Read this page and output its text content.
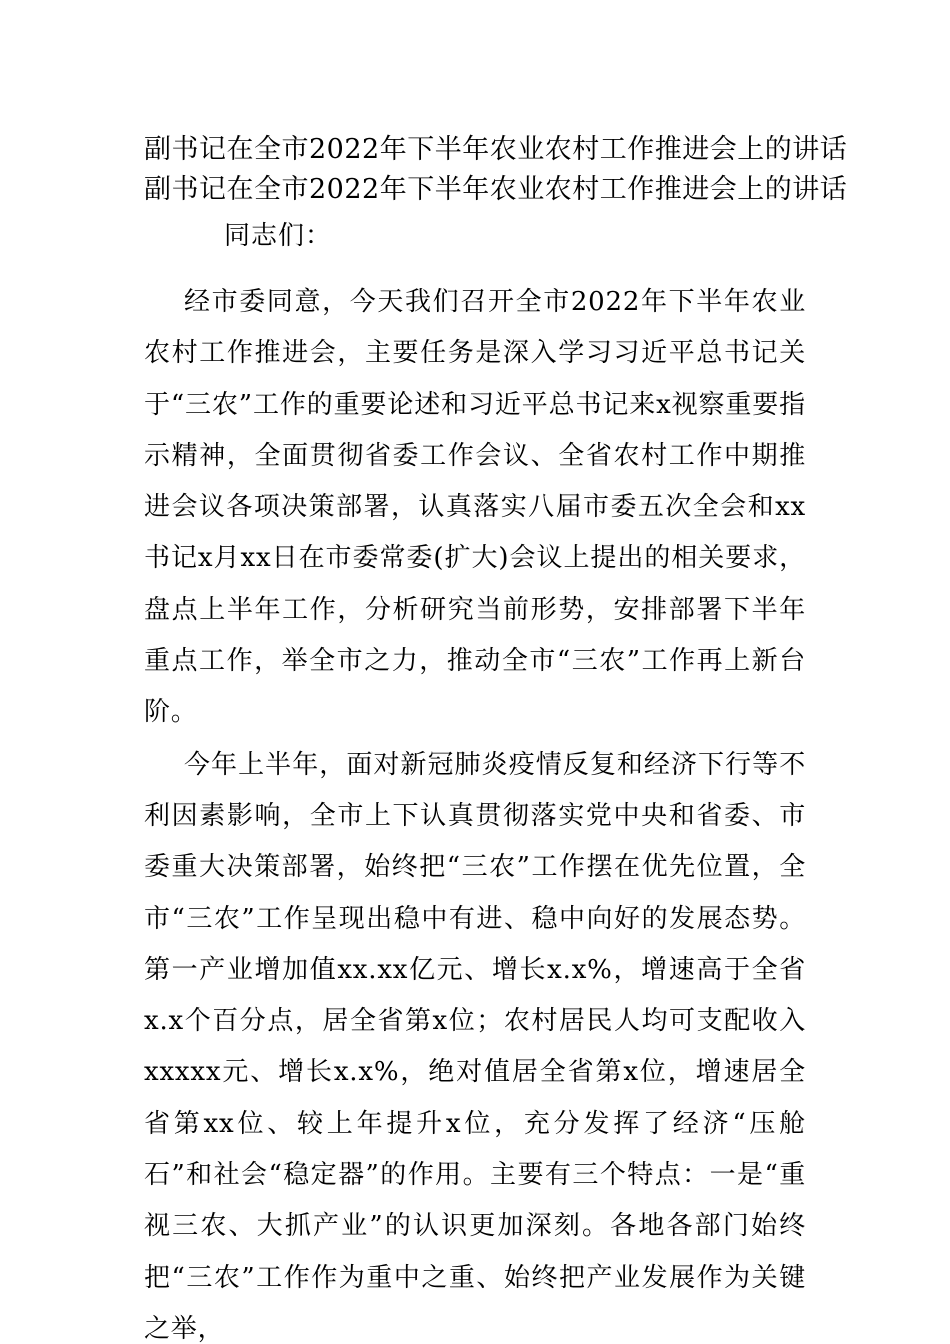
副书记在全市2022年下半年农业农村工作推进会上的讲话
副书记在全市2022年下半年农业农村工作推进会上的讲话
同志们：

经市委同意，今天我们召开全市2022年下半年农业农村工作推进会，主要任务是深入学习习近平总书记关于“三农”工作的重要论述和习近平总书记来x视察重要指示精神，全面贯彻省委工作会议、全省农村工作中期推进会议各项决策部署，认真落实八届市委五次全会和xx书记x月xx日在市委常委(扩大)会议上提出的相关要求，盘点上半年工作，分析研究当前形势，安排部署下半年重点工作，举全市之力，推动全市“三农”工作再上新台阶。

今年上半年，面对新冠肺炎疫情反复和经济下行等不利因素影响，全市上下认真贯彻落实党中央和省委、市委重大决策部署，始终把“三农”工作摆在优先位置，全市“三农”工作呈现出稳中有进、稳中向好的发展态势。第一产业增加值xx.xx亿元、增长x.x%，增速高于全省x.x个百分点，居全省第x位；农村居民人均可支配收入xxxxx元、增长x.x%，绝对值居全省第x位，增速居全省第xx位、较上年提升x位，充分发挥了经济“压舱石”和社会“稳定器”的作用。主要有三个特点：一是“重视三农、大抓产业”的认识更加深刻。各地各部门始终把“三农”工作作为重中之重、始终把产业发展作为关键之举，
